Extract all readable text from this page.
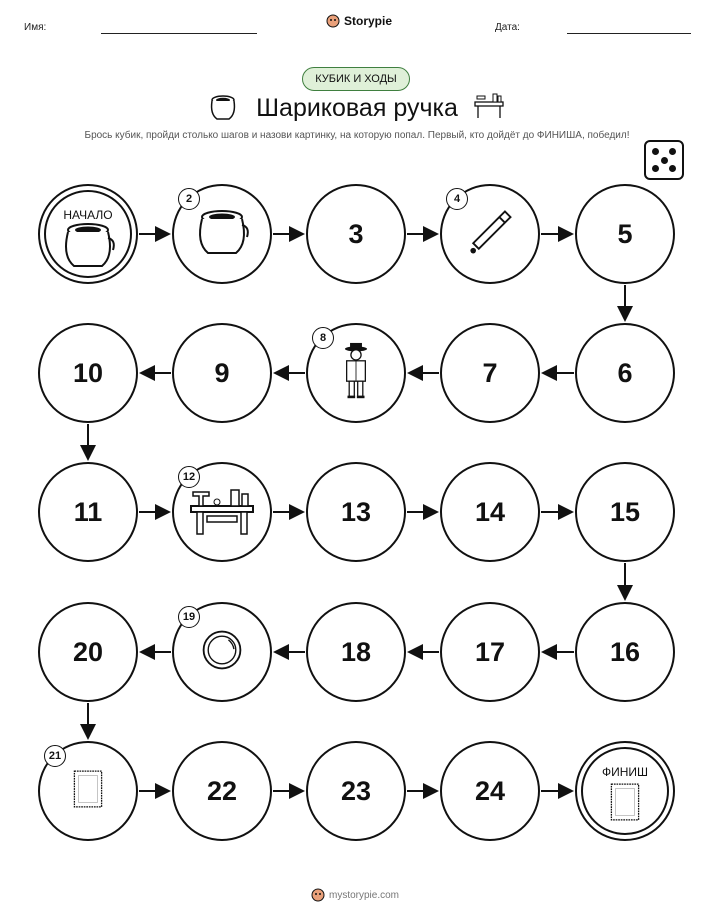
Имя:	Storypie	Дата:
КУБИК И ХОДЫ
Шариковая ручка
Брось кубик, пройди столько шагов и назови картинку, на которую попал. Первый, кто дойдёт до ФИНИША, победил!
НАЧАЛО
2
3
4
5
6
7
8
9
10
11
12
13	14	15
16
17
18
19
20
21
22	23	24
ФИНИШ
mystorypie.com
